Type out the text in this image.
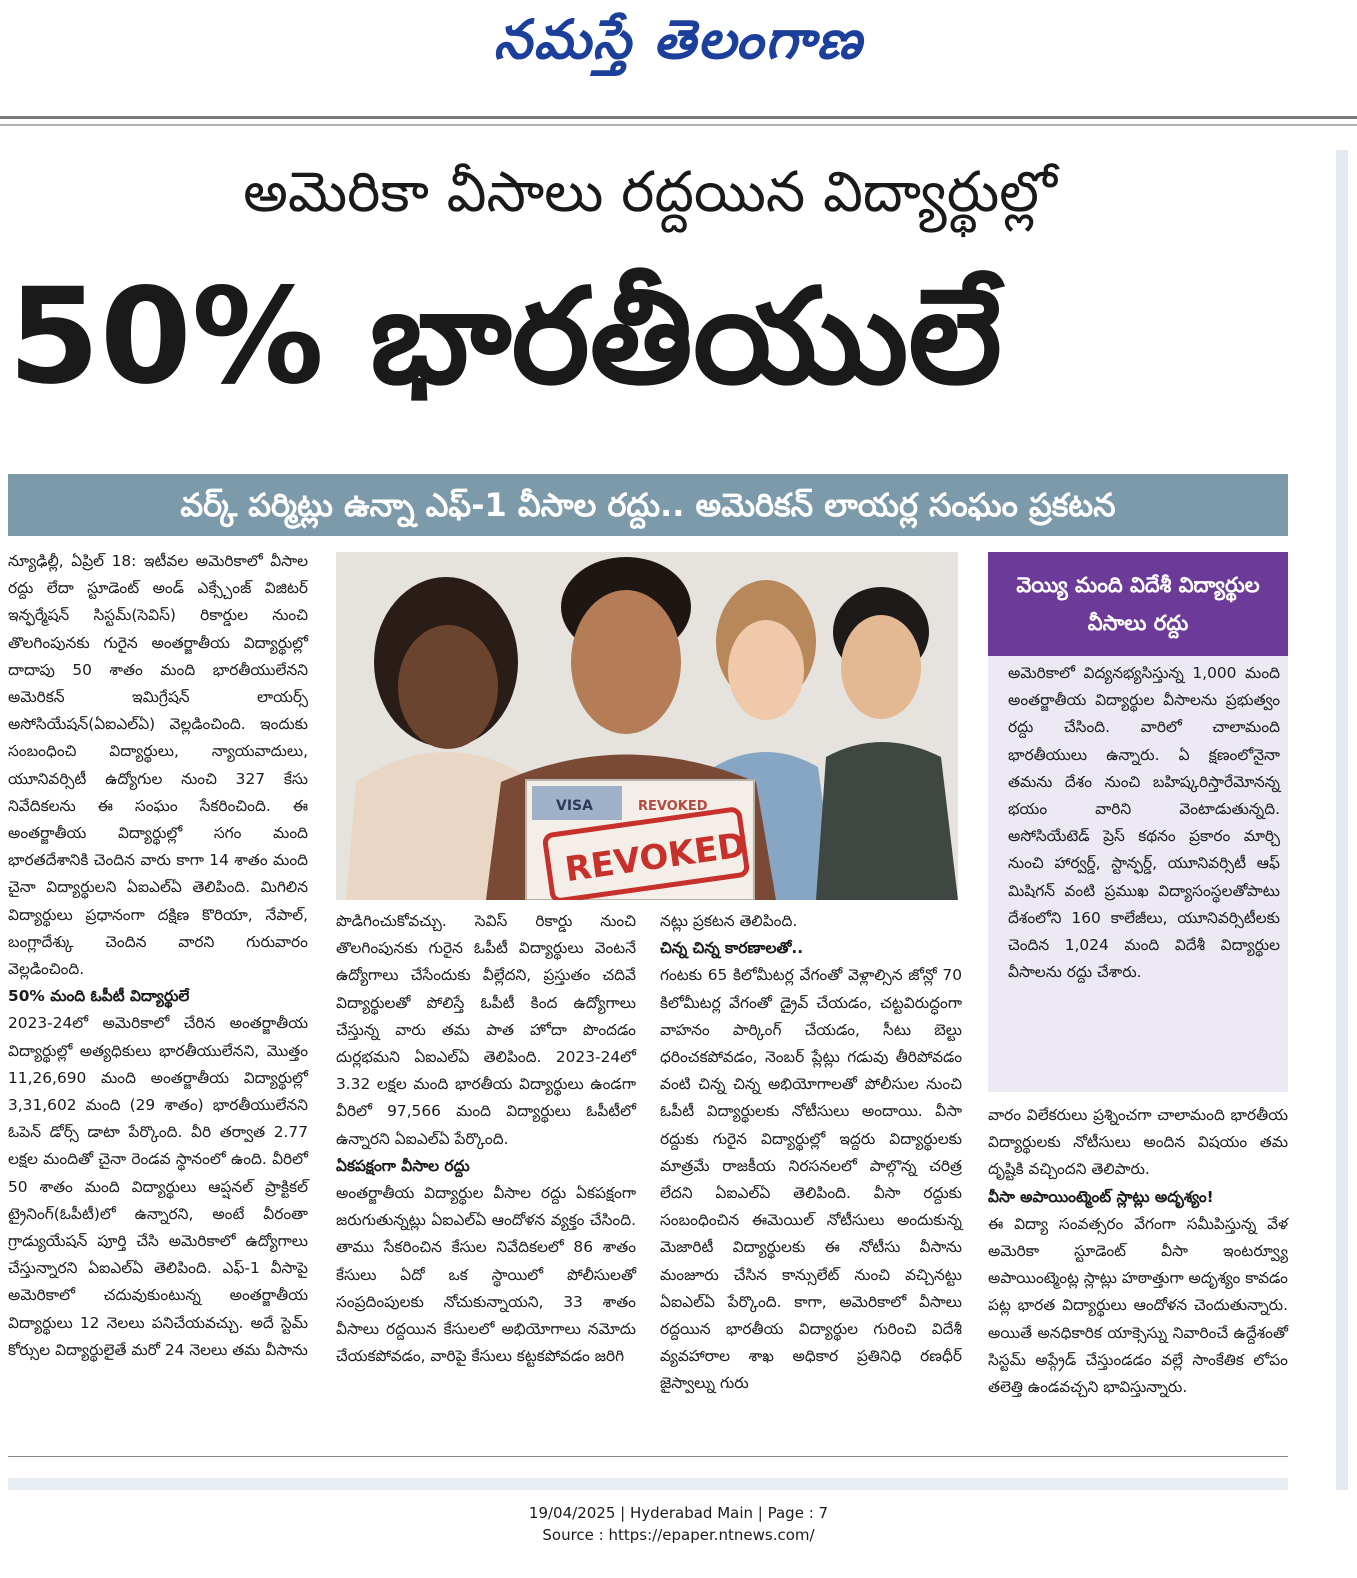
నమస్తే తెలంగాణ
అమెరికా వీసాలు రద్దయిన విద్యార్థుల్లో
50% భారతీయులే
వర్క్ పర్మిట్లు ఉన్నా ఎఫ్-1 వీసాల రద్దు.. అమెరికన్ లాయర్ల సంఘం ప్రకటన

న్యూఢిల్లీ, ఏప్రిల్ 18: ఇటీవల అమెరికాలో వీసాల రద్దు లేదా స్టూడెంట్ అండ్ ఎక్స్చేంజ్ విజిటర్ ఇన్ఫర్మేషన్ సిస్టమ్(సెవిస్) రికార్డుల నుంచి తొలగింపునకు గురైన అంతర్జాతీయ విద్యార్థుల్లో దాదాపు 50 శాతం మంది భారతీయులేనని అమెరికన్ ఇమిగ్రేషన్ లాయర్స్ అసోసియేషన్(ఏఐఎల్ఏ) వెల్లడించింది. ఇందుకు సంబంధించి విద్యార్థులు, న్యాయవాదులు, యూనివర్సిటీ ఉద్యోగుల నుంచి 327 కేసు నివేదికలను ఈ సంఘం సేకరించింది. ఈ అంతర్జాతీయ విద్యార్థుల్లో సగం మంది భారతదేశానికి చెందిన వారు కాగా 14 శాతం మంది చైనా విద్యార్థులని ఏఐఎల్ఏ తెలిపింది. మిగిలిన విద్యార్థులు ప్రధానంగా దక్షిణ కొరియా, నేపాల్, బంగ్లాదేశ్కు చెందిన వారని గురువారం వెల్లడించింది.

50% మంది ఓపీటీ విద్యార్థులే

2023-24లో అమెరికాలో చేరిన అంతర్జాతీయ విద్యార్థుల్లో అత్యధికులు భారతీయులేనని, మొత్తం 11,26,690 మంది అంతర్జాతీయ విద్యార్థుల్లో 3,31,602 మంది (29 శాతం) భారతీయులేనని ఓపెన్ డోర్స్ డాటా పేర్కొంది. వీరి తర్వాత 2.77 లక్షల మందితో చైనా రెండవ స్థానంలో ఉంది. వీరిలో 50 శాతం మంది విద్యార్థులు ఆప్షనల్ ప్రాక్టికల్ ట్రైనింగ్(ఓపీటీ)లో ఉన్నారని, అంటే వీరంతా గ్రాడ్యుయేషన్ పూర్తి చేసి అమెరికాలో ఉద్యోగాలు చేస్తున్నారని ఏఐఎల్ఏ తెలిపింది. ఎఫ్-1 వీసాపై అమెరికాలో చదువుకుంటున్న అంతర్జాతీయ విద్యార్థులు 12 నెలలు పనిచేయవచ్చు. అదే స్టెమ్ కోర్సుల విద్యార్థులైతే మరో 24 నెలలు తమ వీసాను

VISA	REVOKED
REVOKED

పొడిగించుకోవచ్చు. సెవిస్ రికార్డు నుంచి తొలగింపునకు గురైన ఓపీటీ విద్యార్థులు వెంటనే ఉద్యోగాలు చేసేందుకు వీల్లేదని, ప్రస్తుతం చదివే విద్యార్థులతో పోలిస్తే ఓపీటీ కింద ఉద్యోగాలు చేస్తున్న వారు తమ పాత హోదా పొందడం దుర్లభమని ఏఐఎల్ఏ తెలిపింది. 2023-24లో 3.32 లక్షల మంది భారతీయ విద్యార్థులు ఉండగా వీరిలో 97,566 మంది విద్యార్థులు ఓపీటీలో ఉన్నారని ఏఐఎల్ఏ పేర్కొంది.

ఏకపక్షంగా వీసాల రద్దు

అంతర్జాతీయ విద్యార్థుల వీసాల రద్దు ఏకపక్షంగా జరుగుతున్నట్లు ఏఐఎల్ఏ ఆందోళన వ్యక్తం చేసింది. తాము సేకరించిన కేసుల నివేదికలలో 86 శాతం కేసులు ఏదో ఒక స్థాయిలో పోలీసులతో సంప్రదింపులకు నోచుకున్నాయని, 33 శాతం వీసాలు రద్దయిన కేసులలో అభియోగాలు నమోదు చేయకపోవడం, వారిపై కేసులు కట్టకపోవడం జరిగి

నట్లు ప్రకటన తెలిపింది.

చిన్న చిన్న కారణాలతో..

గంటకు 65 కిలోమీటర్ల వేగంతో వెళ్లాల్సిన జోన్లో 70 కిలోమీటర్ల వేగంతో డ్రైవ్ చేయడం, చట్టవిరుద్ధంగా వాహనం పార్కింగ్ చేయడం, సీటు బెల్టు ధరించకపోవడం, నెంబర్ ప్లేట్లు గడువు తీరిపోవడం వంటి చిన్న చిన్న అభియోగాలతో పోలీసుల నుంచి ఓపీటీ విద్యార్థులకు నోటీసులు అందాయి. వీసా రద్దుకు గురైన విద్యార్థుల్లో ఇద్దరు విద్యార్థులకు మాత్రమే రాజకీయ నిరసనలలో పాల్గొన్న చరిత్ర లేదని ఏఐఎల్ఏ తెలిపింది. వీసా రద్దుకు సంబంధించిన ఈమెయిల్ నోటీసులు అందుకున్న మెజారిటీ విద్యార్థులకు ఈ నోటీసు వీసాను మంజూరు చేసిన కాన్సులేట్ నుంచి వచ్చినట్టు ఏఐఎల్ఏ పేర్కొంది. కాగా, అమెరికాలో వీసాలు రద్దయిన భారతీయ విద్యార్థుల గురించి విదేశీ వ్యవహారాల శాఖ అధికార ప్రతినిధి రణధీర్ జైస్వాల్ను గురు

వెయ్యి మంది విదేశీ విద్యార్థుల వీసాలు రద్దు
అమెరికాలో విద్యనభ్యసిస్తున్న 1,000 మంది అంతర్జాతీయ విద్యార్థుల వీసాలను ప్రభుత్వం రద్దు చేసింది. వారిలో చాలామంది భారతీయులు ఉన్నారు. ఏ క్షణంలోనైనా తమను దేశం నుంచి బహిష్కరిస్తారేమోనన్న భయం వారిని వెంటాడుతున్నది. అసోసియేటెడ్ ప్రెస్ కథనం ప్రకారం మార్చి నుంచి హార్వర్డ్, స్టాన్ఫర్డ్, యూనివర్సిటీ ఆఫ్ మిషిగన్ వంటి ప్రముఖ విద్యాసంస్థలతోపాటు దేశంలోని 160 కాలేజీలు, యూనివర్సిటీలకు చెందిన 1,024 మంది విదేశీ విద్యార్థుల వీసాలను రద్దు చేశారు.

వారం విలేకరులు ప్రశ్నించగా చాలామంది భారతీయ విద్యార్థులకు నోటీసులు అందిన విషయం తమ దృష్టికి వచ్చిందని తెలిపారు.

వీసా అపాయింట్మెంట్ స్లాట్లు అదృశ్యం!

ఈ విద్యా సంవత్సరం వేగంగా సమీపిస్తున్న వేళ అమెరికా స్టూడెంట్ వీసా ఇంటర్వ్యూ అపాయింట్మెంట్ల స్లాట్లు హఠాత్తుగా అదృశ్యం కావడం పట్ల భారత విద్యార్థులు ఆందోళన చెందుతున్నారు. అయితే అనధికారిక యాక్సెస్ను నివారించే ఉద్దేశంతో సిస్టమ్ అప్గ్రేడ్ చేస్తుండడం వల్లే సాంకేతిక లోపం తలెత్తి ఉండవచ్చని భావిస్తున్నారు.

19/04/2025 | Hyderabad Main | Page : 7
Source : https://epaper.ntnews.com/
